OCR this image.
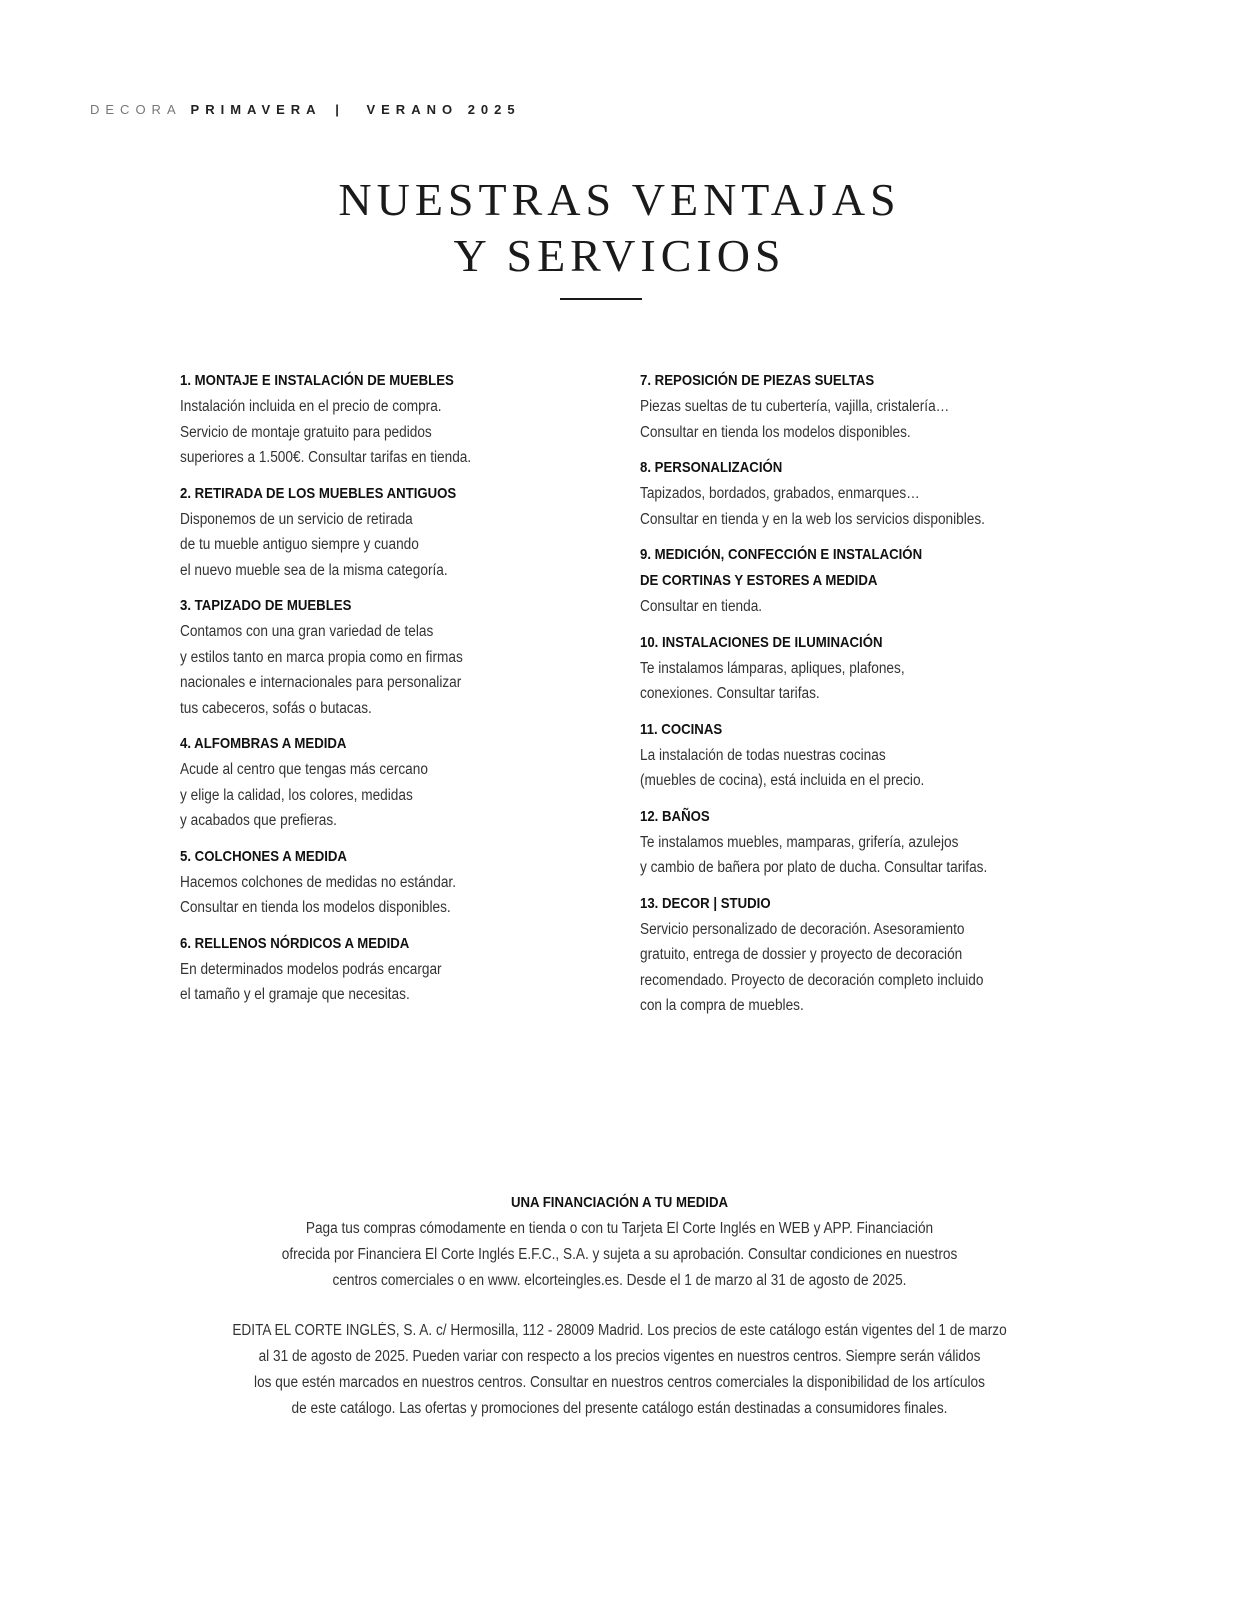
DECORA PRIMAVERA | VERANO 2025
NUESTRAS VENTAJAS
Y SERVICIOS
1. MONTAJE E INSTALACIÓN DE MUEBLES
Instalación incluida en el precio de compra.
Servicio de montaje gratuito para pedidos
superiores a 1.500€. Consultar tarifas en tienda.
2. RETIRADA DE LOS MUEBLES ANTIGUOS
Disponemos de un servicio de retirada
de tu mueble antiguo siempre y cuando
el nuevo mueble sea de la misma categoría.
3. TAPIZADO DE MUEBLES
Contamos con una gran variedad de telas
y estilos tanto en marca propia como en firmas
nacionales e internacionales para personalizar
tus cabeceros, sofás o butacas.
4. ALFOMBRAS A MEDIDA
Acude al centro que tengas más cercano
y elige la calidad, los colores, medidas
y acabados que prefieras.
5. COLCHONES A MEDIDA
Hacemos colchones de medidas no estándar.
Consultar en tienda los modelos disponibles.
6. RELLENOS NÓRDICOS A MEDIDA
En determinados modelos podrás encargar
el tamaño y el gramaje que necesitas.
7. REPOSICIÓN DE PIEZAS SUELTAS
Piezas sueltas de tu cubertería, vajilla, cristalería…
Consultar en tienda los modelos disponibles.
8. PERSONALIZACIÓN
Tapizados, bordados, grabados, enmarques…
Consultar en tienda y en la web los servicios disponibles.
9. MEDICIÓN, CONFECCIÓN E INSTALACIÓN
DE CORTINAS Y ESTORES A MEDIDA
Consultar en tienda.
10. INSTALACIONES DE ILUMINACIÓN
Te instalamos lámparas, apliques, plafones,
conexiones. Consultar tarifas.
11. COCINAS
La instalación de todas nuestras cocinas
(muebles de cocina), está incluida en el precio.
12. BAÑOS
Te instalamos muebles, mamparas, grifería, azulejos
y cambio de bañera por plato de ducha. Consultar tarifas.
13. DECOR | STUDIO
Servicio personalizado de decoración. Asesoramiento
gratuito, entrega de dossier y proyecto de decoración
recomendado. Proyecto de decoración completo incluido
con la compra de muebles.
UNA FINANCIACIÓN A TU MEDIDA
Paga tus compras cómodamente en tienda o con tu Tarjeta El Corte Inglés en WEB y APP. Financiación
ofrecida por Financiera El Corte Inglés E.F.C., S.A. y sujeta a su aprobación. Consultar condiciones en nuestros
centros comerciales o en www. elcorteingles.es. Desde el 1 de marzo al 31 de agosto de 2025.
EDITA EL CORTE INGLÉS, S. A. c/ Hermosilla, 112 - 28009 Madrid. Los precios de este catálogo están vigentes del 1 de marzo
al 31 de agosto de 2025. Pueden variar con respecto a los precios vigentes en nuestros centros. Siempre serán válidos
los que estén marcados en nuestros centros. Consultar en nuestros centros comerciales la disponibilidad de los artículos
de este catálogo. Las ofertas y promociones del presente catálogo están destinadas a consumidores finales.
